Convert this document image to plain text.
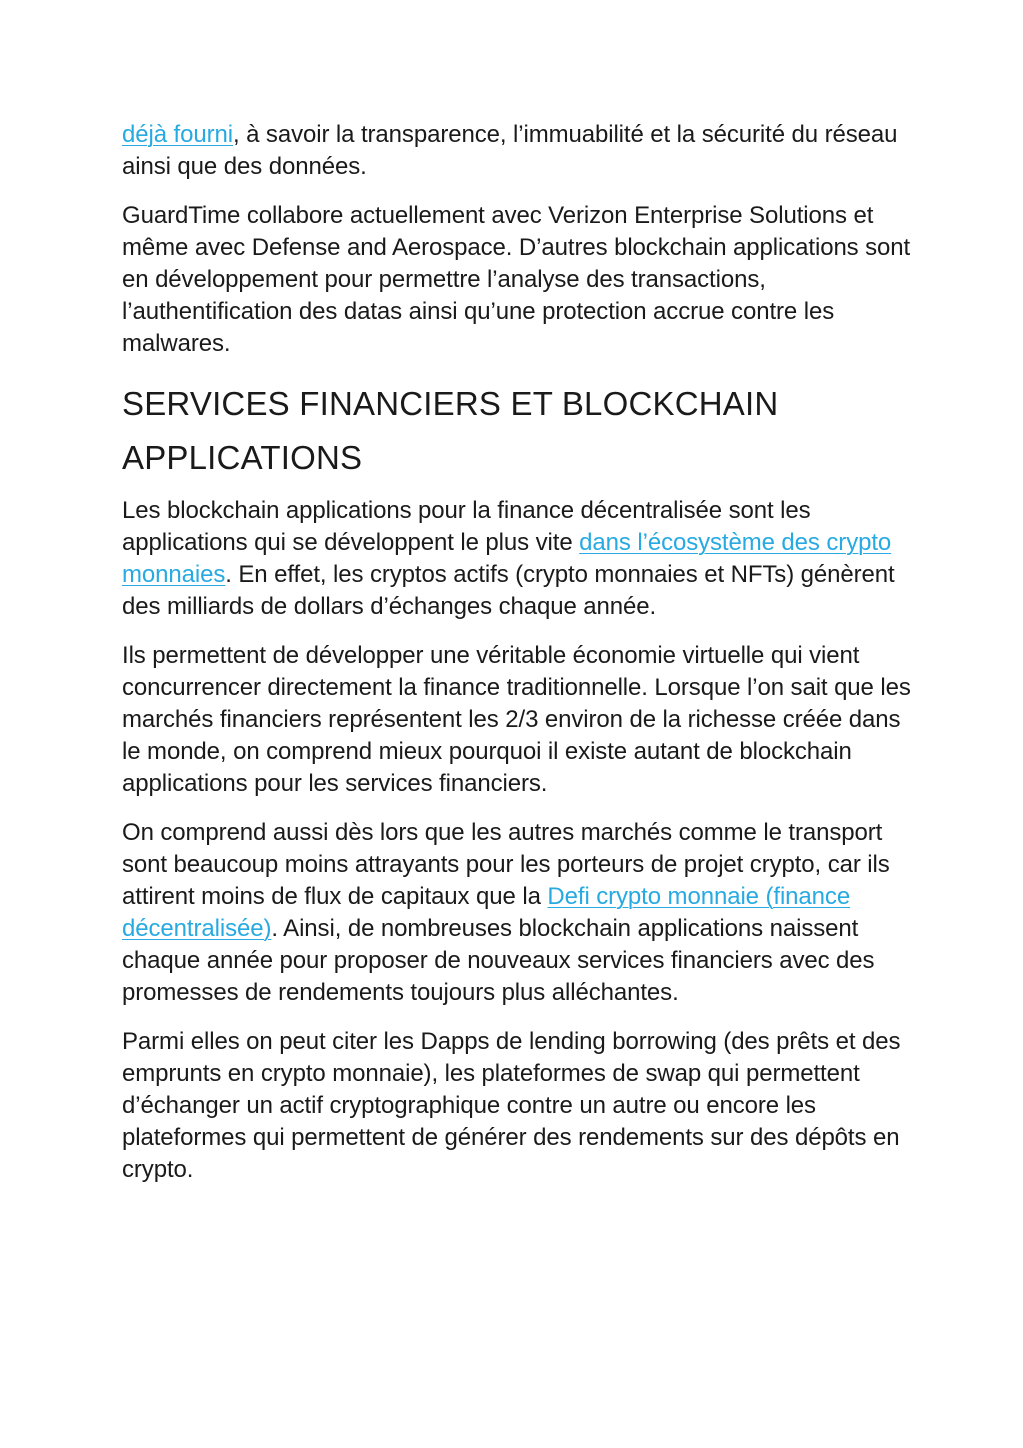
déjà fourni, à savoir la transparence, l’immuabilité et la sécurité du réseau ainsi que des données.

GuardTime collabore actuellement avec Verizon Enterprise Solutions et même avec Defense and Aerospace. D’autres blockchain applications sont en développement pour permettre l’analyse des transactions, l’authentification des datas ainsi qu’une protection accrue contre les malwares.

SERVICES FINANCIERS ET BLOCKCHAIN APPLICATIONS

Les blockchain applications pour la finance décentralisée sont les applications qui se développent le plus vite dans l’écosystème des crypto monnaies. En effet, les cryptos actifs (crypto monnaies et NFTs) génèrent des milliards de dollars d’échanges chaque année.

Ils permettent de développer une véritable économie virtuelle qui vient concurrencer directement la finance traditionnelle. Lorsque l’on sait que les marchés financiers représentent les 2/3 environ de la richesse créée dans le monde, on comprend mieux pourquoi il existe autant de blockchain applications pour les services financiers.

On comprend aussi dès lors que les autres marchés comme le transport sont beaucoup moins attrayants pour les porteurs de projet crypto, car ils attirent moins de flux de capitaux que la Defi crypto monnaie (finance décentralisée). Ainsi, de nombreuses blockchain applications naissent chaque année pour proposer de nouveaux services financiers avec des promesses de rendements toujours plus alléchantes.

Parmi elles on peut citer les Dapps de lending borrowing (des prêts et des emprunts en crypto monnaie), les plateformes de swap qui permettent d’échanger un actif cryptographique contre un autre ou encore les plateformes qui permettent de générer des rendements sur des dépôts en crypto.
